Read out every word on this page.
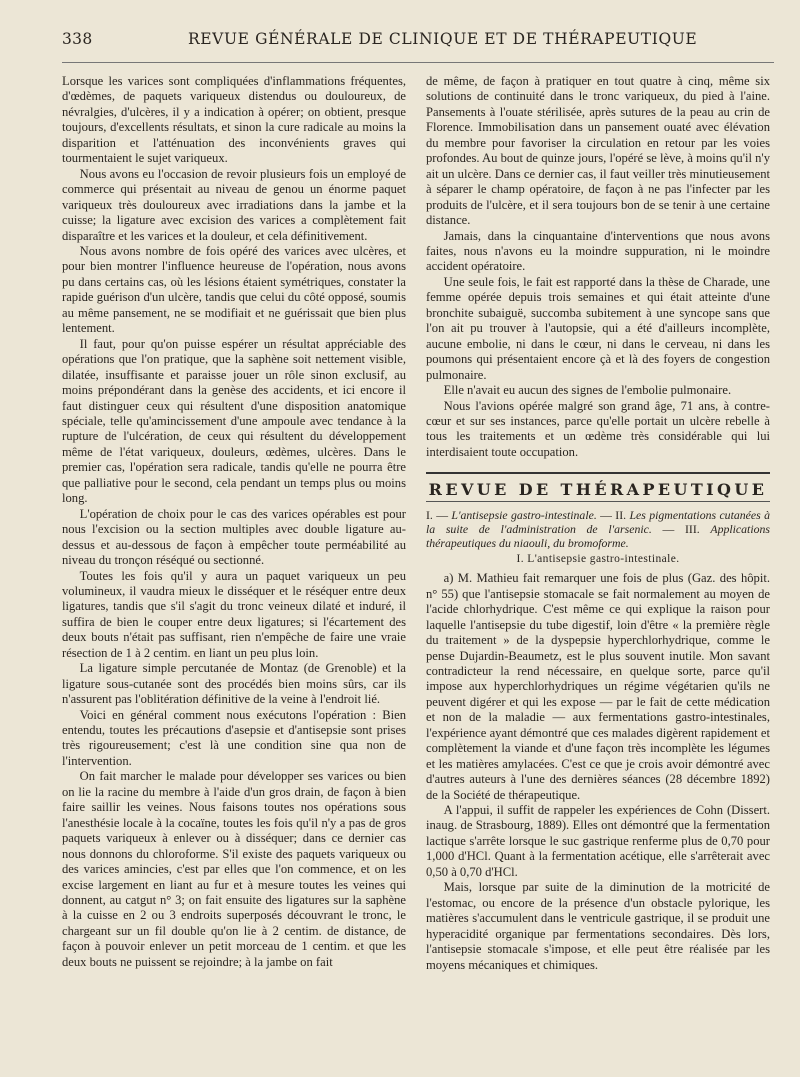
338	REVUE GÉNÉRALE DE CLINIQUE ET DE THÉRAPEUTIQUE

Lorsque les varices sont compliquées d'inflammations fréquentes, d'œdèmes, de paquets variqueux distendus ou douloureux, de névralgies, d'ulcères, il y a indication à opérer; on obtient, presque toujours, d'excellents résultats, et sinon la cure radicale au moins la disparition et l'atténuation des inconvénients graves qui tourmentaient le sujet variqueux.

Nous avons eu l'occasion de revoir plusieurs fois un employé de commerce qui présentait au niveau de genou un énorme paquet variqueux très douloureux avec irradiations dans la jambe et la cuisse; la ligature avec excision des varices a complètement fait disparaître et les varices et la douleur, et cela définitivement.

Nous avons nombre de fois opéré des varices avec ulcères, et pour bien montrer l'influence heureuse de l'opération, nous avons pu dans certains cas, où les lésions étaient symétriques, constater la rapide guérison d'un ulcère, tandis que celui du côté opposé, soumis au même pansement, ne se modifiait et ne guérissait que bien plus lentement.

Il faut, pour qu'on puisse espérer un résultat appréciable des opérations que l'on pratique, que la saphène soit nettement visible, dilatée, insuffisante et paraisse jouer un rôle sinon exclusif, au moins prépondérant dans la genèse des accidents, et ici encore il faut distinguer ceux qui résultent d'une disposition anatomique spéciale, telle qu'amincissement d'une ampoule avec tendance à la rupture de l'ulcération, de ceux qui résultent du développement même de l'état variqueux, douleurs, œdèmes, ulcères. Dans le premier cas, l'opération sera radicale, tandis qu'elle ne pourra être que palliative pour le second, cela pendant un temps plus ou moins long.

L'opération de choix pour le cas des varices opérables est pour nous l'excision ou la section multiples avec double ligature au-dessus et au-dessous de façon à empêcher toute perméabilité au niveau du tronçon réséqué ou sectionné.

Toutes les fois qu'il y aura un paquet variqueux un peu volumineux, il vaudra mieux le disséquer et le réséquer entre deux ligatures, tandis que s'il s'agit du tronc veineux dilaté et induré, il suffira de bien le couper entre deux ligatures; si l'écartement des deux bouts n'était pas suffisant, rien n'empêche de faire une vraie résection de 1 à 2 centim. en liant un peu plus loin.

La ligature simple percutanée de Montaz (de Grenoble) et la ligature sous-cutanée sont des procédés bien moins sûrs, car ils n'assurent pas l'oblitération définitive de la veine à l'endroit lié.

Voici en général comment nous exécutons l'opération : Bien entendu, toutes les précautions d'asepsie et d'antisepsie sont prises très rigoureusement; c'est là une condition sine qua non de l'intervention.

On fait marcher le malade pour développer ses varices ou bien on lie la racine du membre à l'aide d'un gros drain, de façon à bien faire saillir les veines. Nous faisons toutes nos opérations sous l'anesthésie locale à la cocaïne, toutes les fois qu'il n'y a pas de gros paquets variqueux à enlever ou à disséquer; dans ce dernier cas nous donnons du chloroforme. S'il existe des paquets variqueux ou des varices amincies, c'est par elles que l'on commence, et on les excise largement en liant au fur et à mesure toutes les veines qui donnent, au catgut n° 3; on fait ensuite des ligatures sur la saphène à la cuisse en 2 ou 3 endroits superposés découvrant le tronc, le chargeant sur un fil double qu'on lie à 2 centim. de distance, de façon à pouvoir enlever un petit morceau de 1 centim. et que les deux bouts ne puissent se rejoindre; à la jambe on fait

de même, de façon à pratiquer en tout quatre à cinq, même six solutions de continuité dans le tronc variqueux, du pied à l'aine. Pansements à l'ouate stérilisée, après sutures de la peau au crin de Florence. Immobilisation dans un pansement ouaté avec élévation du membre pour favoriser la circulation en retour par les voies profondes. Au bout de quinze jours, l'opéré se lève, à moins qu'il n'y ait un ulcère. Dans ce dernier cas, il faut veiller très minutieusement à séparer le champ opératoire, de façon à ne pas l'infecter par les produits de l'ulcère, et il sera toujours bon de se tenir à une certaine distance.

Jamais, dans la cinquantaine d'interventions que nous avons faites, nous n'avons eu la moindre suppuration, ni le moindre accident opératoire.

Une seule fois, le fait est rapporté dans la thèse de Charade, une femme opérée depuis trois semaines et qui était atteinte d'une bronchite subaiguë, succomba subitement à une syncope sans que l'on ait pu trouver à l'autopsie, qui a été d'ailleurs incomplète, aucune embolie, ni dans le cœur, ni dans le cerveau, ni dans les poumons qui présentaient encore çà et là des foyers de congestion pulmonaire.

Elle n'avait eu aucun des signes de l'embolie pulmonaire.

Nous l'avions opérée malgré son grand âge, 71 ans, à contre-cœur et sur ses instances, parce qu'elle portait un ulcère rebelle à tous les traitements et un œdème très considérable qui lui interdisaient toute occupation.

REVUE DE THÉRAPEUTIQUE
I. — L'antisepsie gastro-intestinale. — II. Les pigmentations cutanées à la suite de l'administration de l'arsenic. — III. Applications thérapeutiques du niaouli, du bromoforme.
I. L'antisepsie gastro-intestinale.

a) M. Mathieu fait remarquer une fois de plus (Gaz. des hôpit. n° 55) que l'antisepsie stomacale se fait normalement au moyen de l'acide chlorhydrique. C'est même ce qui explique la raison pour laquelle l'antisepsie du tube digestif, loin d'être « la première règle du traitement » de la dyspepsie hyperchlorhydrique, comme le pense Dujardin-Beaumetz, est le plus souvent inutile. Mon savant contradicteur la rend nécessaire, en quelque sorte, parce qu'il impose aux hyperchlorhydriques un régime végétarien qu'ils ne peuvent digérer et qui les expose — par le fait de cette médication et non de la maladie — aux fermentations gastro-intestinales, l'expérience ayant démontré que ces malades digèrent rapidement et complètement la viande et d'une façon très incomplète les légumes et les matières amylacées. C'est ce que je crois avoir démontré avec d'autres auteurs à l'une des dernières séances (28 décembre 1892) de la Société de thérapeutique.

A l'appui, il suffit de rappeler les expériences de Cohn (Dissert. inaug. de Strasbourg, 1889). Elles ont démontré que la fermentation lactique s'arrête lorsque le suc gastrique renferme plus de 0,70 pour 1,000 d'HCl. Quant à la fermentation acétique, elle s'arrêterait avec 0,50 à 0,70 d'HCl.

Mais, lorsque par suite de la diminution de la motricité de l'estomac, ou encore de la présence d'un obstacle pylorique, les matières s'accumulent dans le ventricule gastrique, il se produit une hyperacidité organique par fermentations secondaires. Dès lors, l'antisepsie stomacale s'impose, et elle peut être réalisée par les moyens mécaniques et chimiques.
